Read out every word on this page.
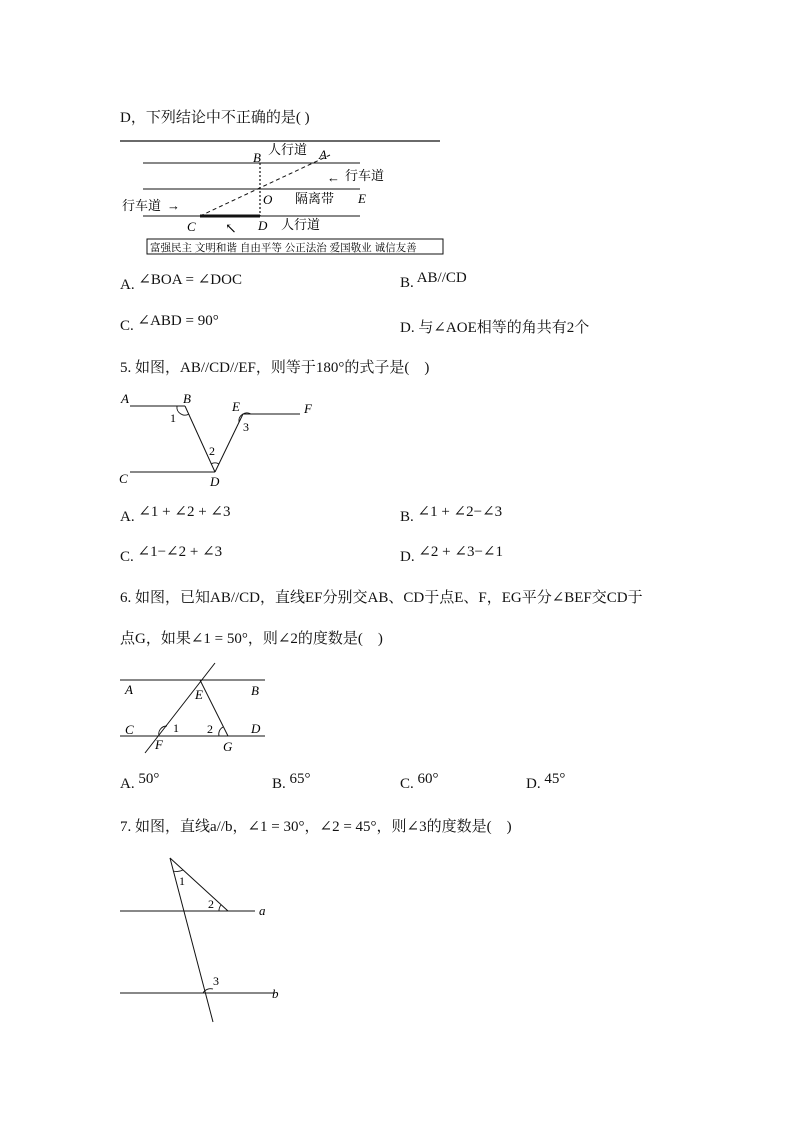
D，下列结论中不正确的是( )
B
人行道 A
← 行车道
O 隔离带 E
行车道 →
C ↖ D 人行道
富强民主 文明和谐 自由平等 公正法治 爱国敬业 诚信友善
A. ∠BOA = ∠DOC	B. AB//CD
C. ∠ABD = 90°	D. 与∠AOE相等的角共有2个
5. 如图，AB//CD//EF，则等于180°的式子是(　)
A	B
E	F
1
3
2
C	D
A. ∠1 + ∠2 + ∠3	B. ∠1 + ∠2−∠3
C. ∠1−∠2 + ∠3	D. ∠2 + ∠3−∠1
6. 如图，已知AB//CD，直线EF分别交AB、CD于点E、F，EG平分∠BEF交CD于
点G，如果∠1 = 50°，则∠2的度数是(　)
A	E	B
C	1 2	D
F	G
A. 50°	B. 65°	C. 60°	D. 45°
7. 如图，直线a//b，∠1 = 30°，∠2 = 45°，则∠3的度数是(　)
1
2	a
3
b
